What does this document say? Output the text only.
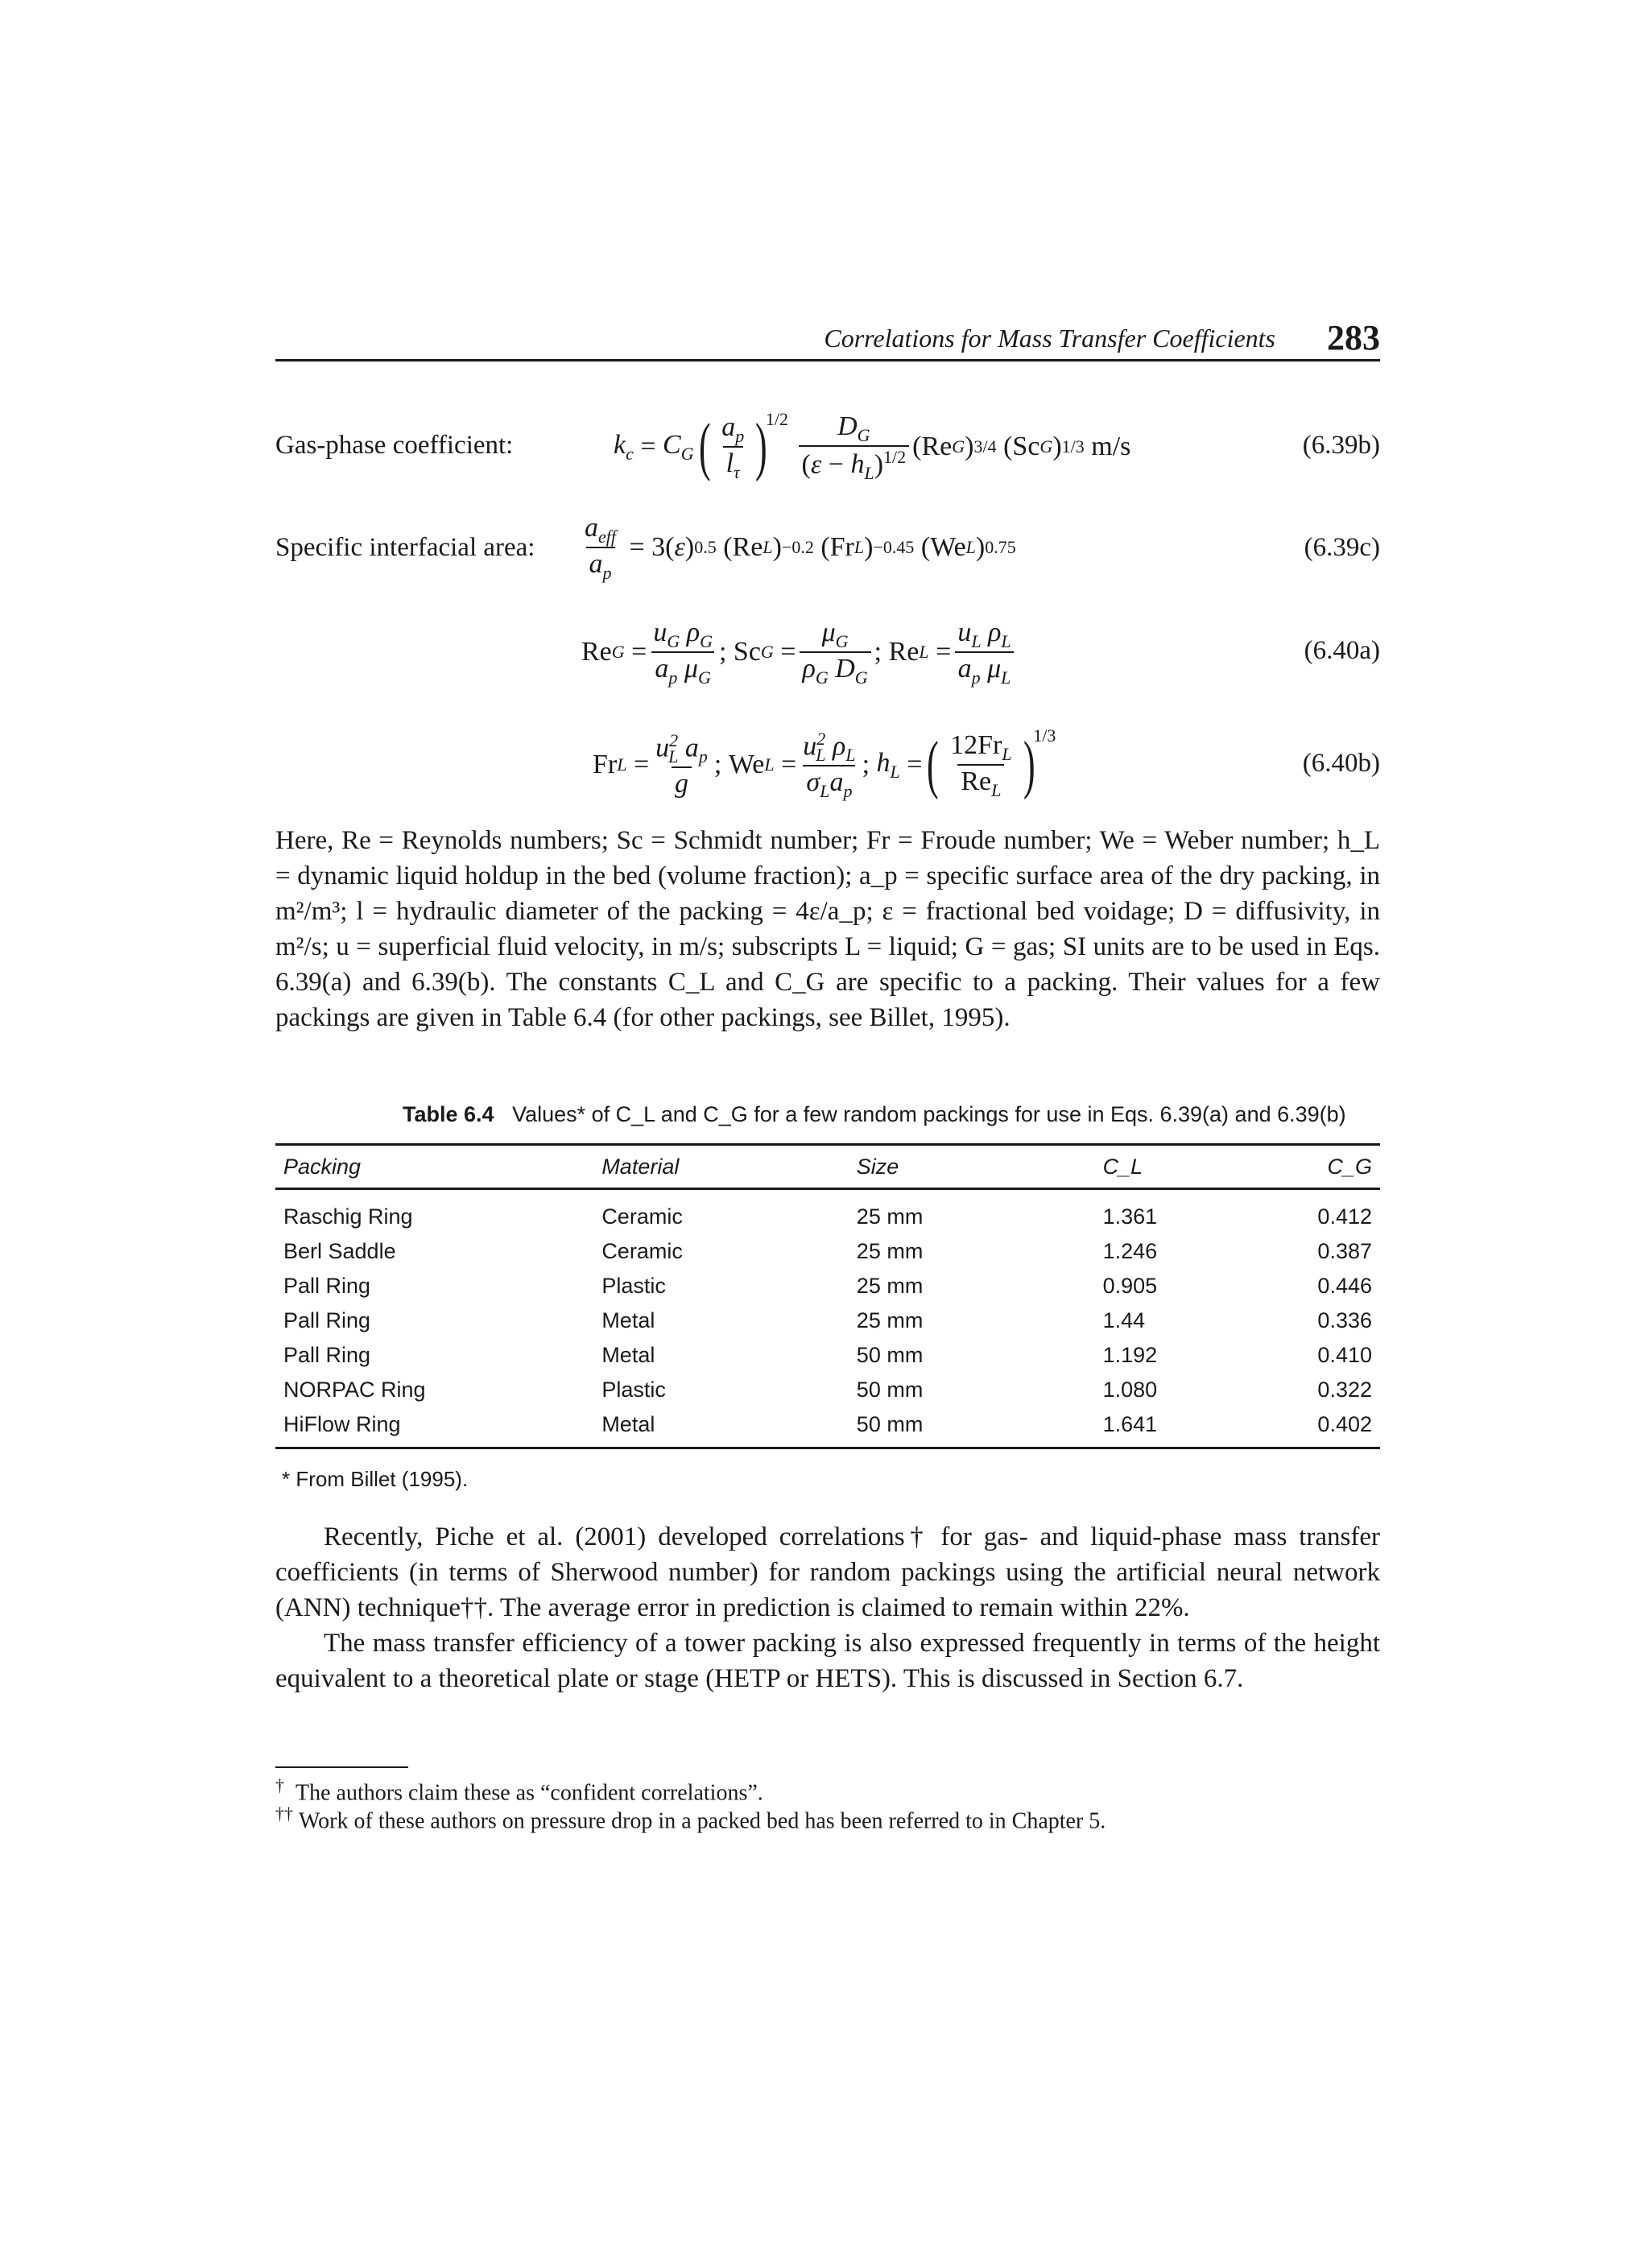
Correlations for Mass Transfer Coefficients 283
Gas-phase coefficient:	$k_c = C_G$ ( $\frac{a_p}{l_\tau}$ )
$^{1/2}$
$\frac{D_G}{(\varepsilon - h_L)^{1/2}} (Re$ G ) 3/4 (Sc G ) 1/3
m/s	(6.39b)
Specific interfacial area: $\frac{a_{eff}}{a_p} = 3$( ε ) 0.5 (Re L ) −0.2 (Fr L ) −0.45 (We L ) 0.75	(6.39c)
Re $G = \frac{u_G \rho_G}{a_p \mu_G}$ ; Sc $G = \frac{\mu_G}{\rho_G D_G}$ ; Re $L = \frac{u_L \rho_L}{a_p \mu_L}$	(6.40a)
Fr $L = \frac{u^2_L a_p}{g}$ ; We $L = \frac{u^2_L \rho_L}{\sigma_La_p}$ ; $h_L$ = ( $\frac{12Fr_L}{Re_L}$ )
$^{1/3}$
(6.40b)
Here, Re = Reynolds numbers; Sc = Schmidt number; Fr = Froude number; We = Weber number; h_L = dynamic liquid holdup in the bed (volume fraction); a_p = specific surface area of the dry packing, in m²/m³; l = hydraulic diameter of the packing = 4ε/a_p; ε = fractional bed voidage; D = diffusivity, in m²/s; u = superficial fluid velocity, in m/s; subscripts L = liquid; G = gas; SI units are to be used in Eqs. 6.39(a) and 6.39(b). The constants C_L and C_G are specific to a packing. Their values for a few packings are given in Table 6.4 (for other packings, see Billet, 1995).
Table 6.4 Values* of C_L and C_G for a few random packings for use in Eqs. 6.39(a) and 6.39(b)
Packing	Material	Size	C_L	C_G
Raschig Ring	Ceramic	25 mm	1.361	0.412
Berl Saddle	Ceramic	25 mm	1.246	0.387
Pall Ring	Plastic	25 mm	0.905	0.446
Pall Ring	Metal	25 mm	1.44	0.336
Pall Ring	Metal	50 mm	1.192	0.410
NORPAC Ring	Plastic	50 mm	1.080	0.322
HiFlow Ring	Metal	50 mm	1.641	0.402
* From Billet (1995).
Recently, Piche et al. (2001) developed correlations† for gas- and liquid-phase mass transfer coefficients (in terms of Sherwood number) for random packings using the artificial neural network (ANN) technique††. The average error in prediction is claimed to remain within 22%.
The mass transfer efficiency of a tower packing is also expressed frequently in terms of the height equivalent to a theoretical plate or stage (HETP or HETS). This is discussed in Section 6.7.
† The authors claim these as “confident correlations”.
†† Work of these authors on pressure drop in a packed bed has been referred to in Chapter 5.
